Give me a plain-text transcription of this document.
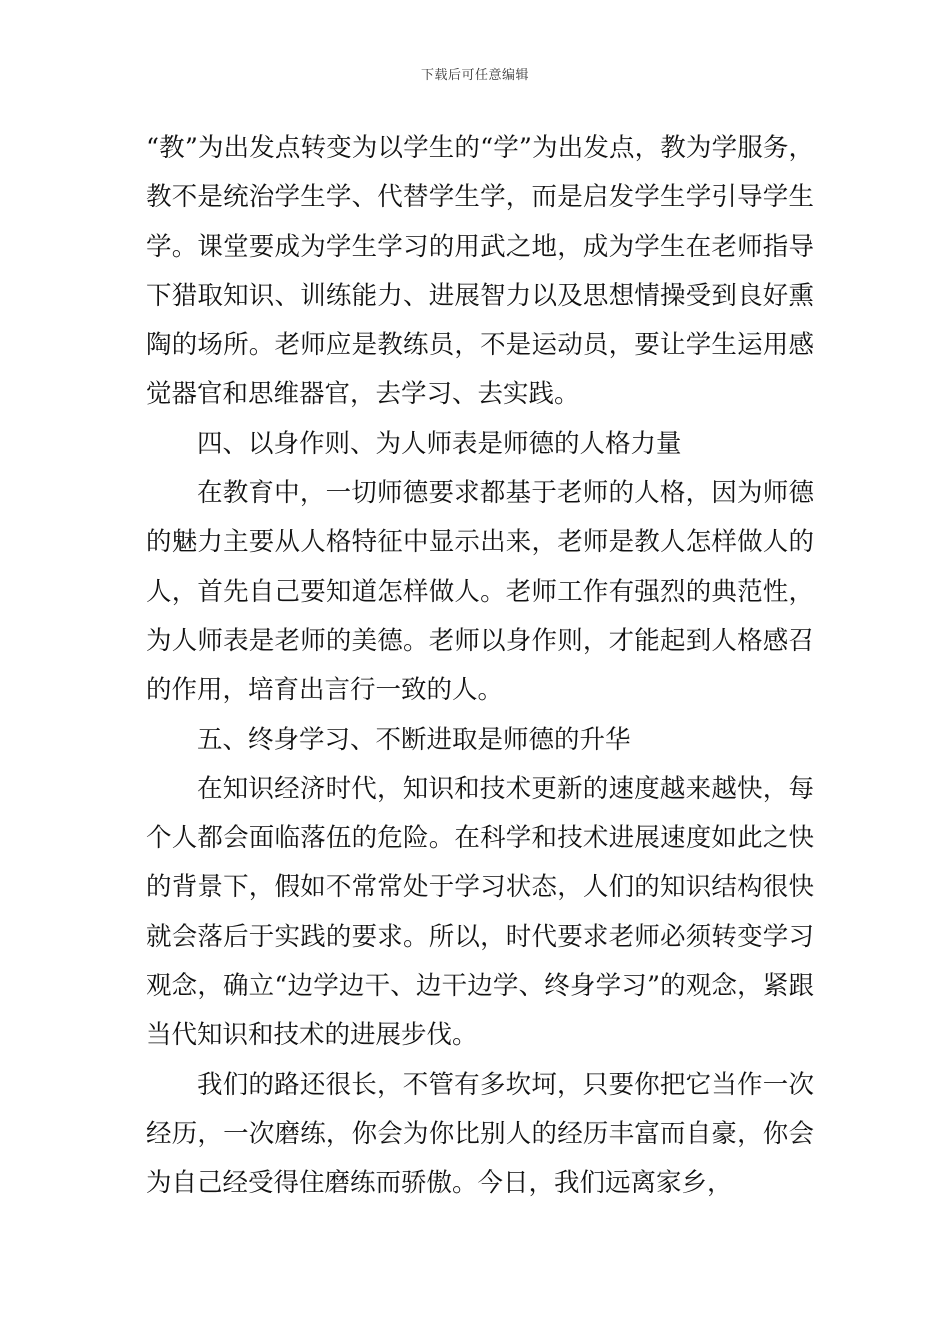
下载后可任意编辑

“教”为出发点转变为以学生的“学”为出发点，教为学服务，教不是统治学生学、代替学生学，而是启发学生学引导学生学。课堂要成为学生学习的用武之地，成为学生在老师指导下猎取知识、训练能力、进展智力以及思想情操受到良好熏陶的场所。老师应是教练员，不是运动员，要让学生运用感觉器官和思维器官，去学习、去实践。

四、以身作则、为人师表是师德的人格力量

在教育中，一切师德要求都基于老师的人格，因为师德的魅力主要从人格特征中显示出来，老师是教人怎样做人的人，首先自己要知道怎样做人。老师工作有强烈的典范性，为人师表是老师的美德。老师以身作则，才能起到人格感召的作用，培育出言行一致的人。

五、终身学习、不断进取是师德的升华

在知识经济时代，知识和技术更新的速度越来越快，每个人都会面临落伍的危险。在科学和技术进展速度如此之快的背景下，假如不常常处于学习状态，人们的知识结构很快就会落后于实践的要求。所以，时代要求老师必须转变学习观念，确立“边学边干、边干边学、终身学习”的观念，紧跟当代知识和技术的进展步伐。

我们的路还很长，不管有多坎坷，只要你把它当作一次经历，一次磨练，你会为你比别人的经历丰富而自豪，你会为自己经受得住磨练而骄傲。今日，我们远离家乡，
